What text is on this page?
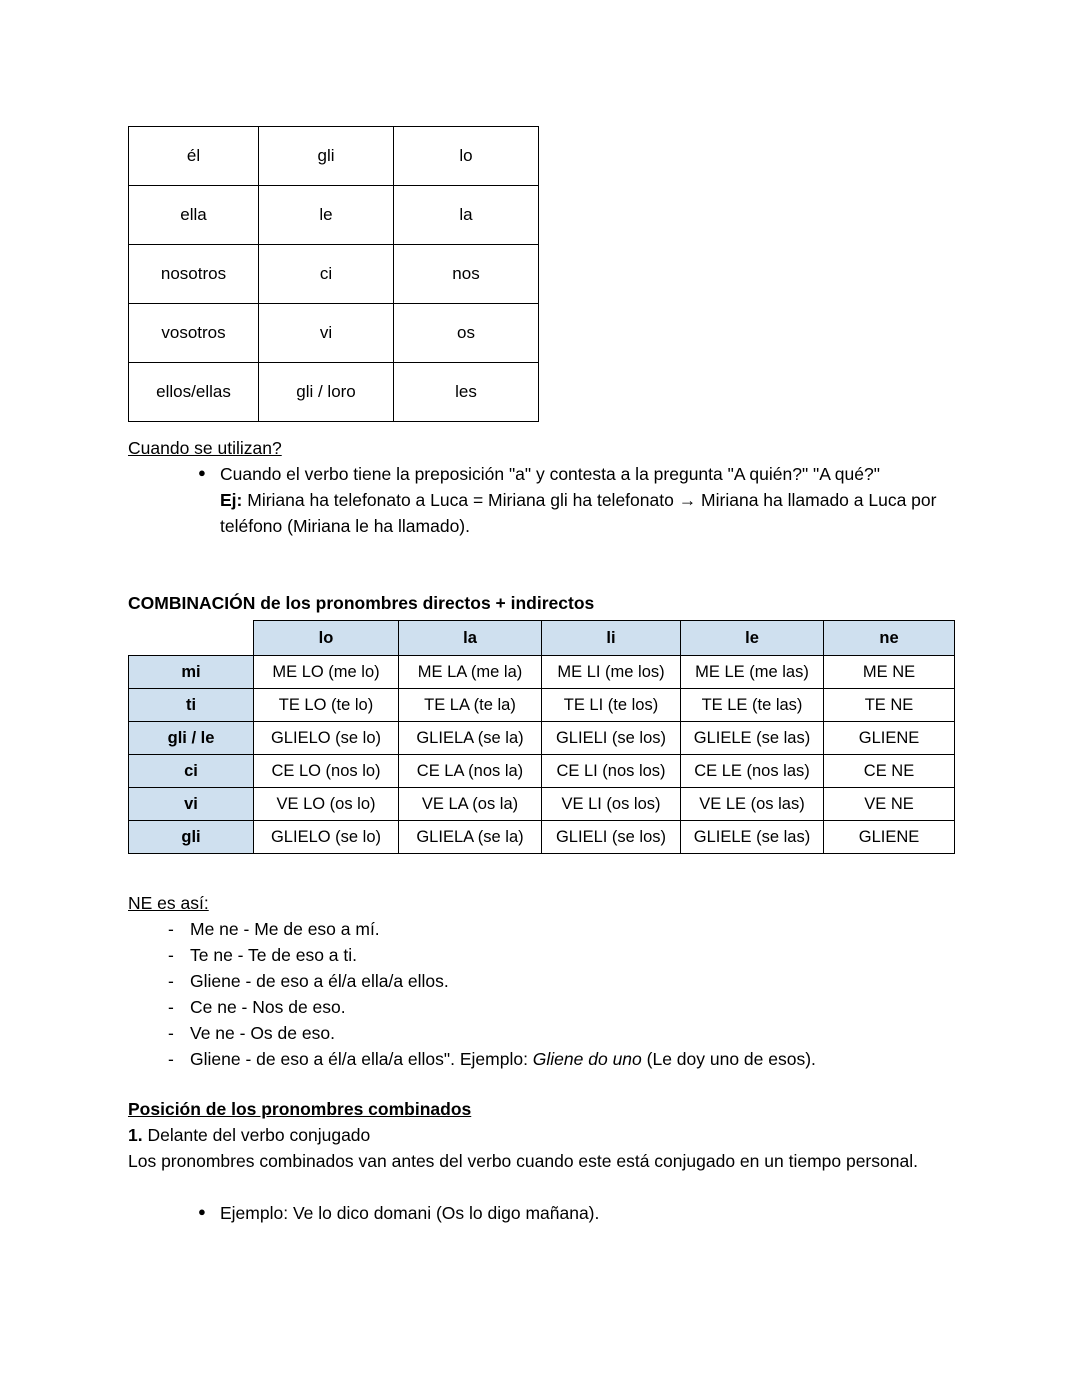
él	gli	lo
ella	le	la
nosotros	ci	nos
vosotros	vi	os
ellos/ellas	gli / loro	les
Cuando se utilizan?
● Cuando el verbo tiene la preposición "a" y contesta a la pregunta "A quién?" "A qué?"
Ej: Miriana ha telefonato a Luca = Miriana gli ha telefonato → Miriana ha llamado a Luca por teléfono (Miriana le ha llamado).
COMBINACIÓN de los pronombres directos + indirectos
	lo	la	li	le	ne
mi	ME LO (me lo)	ME LA (me la)	ME LI (me los)	ME LE (me las)	ME NE
ti	TE LO (te lo)	TE LA (te la)	TE LI (te los)	TE LE (te las)	TE NE
gli / le	GLIELO (se lo)	GLIELA (se la)	GLIELI (se los)	GLIELE (se las)	GLIENE
ci	CE LO (nos lo)	CE LA (nos la)	CE LI (nos los)	CE LE (nos las)	CE NE
vi	VE LO (os lo)	VE LA (os la)	VE LI (os los)	VE LE (os las)	VE NE
gli	GLIELO (se lo)	GLIELA (se la)	GLIELI (se los)	GLIELE (se las)	GLIENE
NE es así:
- Me ne - Me de eso a mí.
- Te ne - Te de eso a ti.
- Gliene - de eso a él/a ella/a ellos.
- Ce ne - Nos de eso.
- Ve ne - Os de eso.
- Gliene - de eso a él/a ella/a ellos". Ejemplo: Gliene do uno (Le doy uno de esos).
Posición de los pronombres combinados
1. Delante del verbo conjugado
Los pronombres combinados van antes del verbo cuando este está conjugado en un tiempo personal.
● Ejemplo: Ve lo dico domani (Os lo digo mañana).
